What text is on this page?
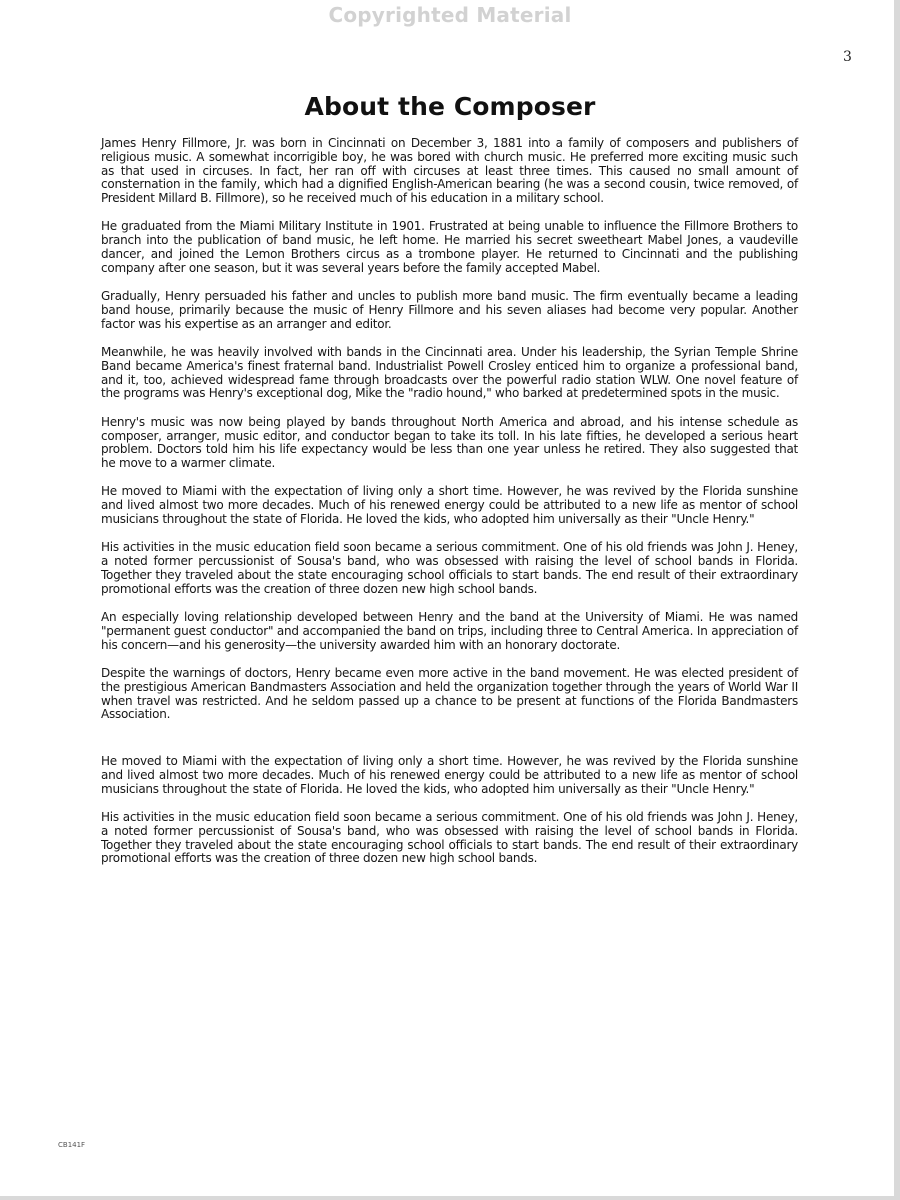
Copyrighted Material
3
About the Composer

James Henry Fillmore, Jr. was born in Cincinnati on December 3, 1881 into a family of composers and publishers of religious music. A somewhat incorrigible boy, he was bored with church music. He preferred more exciting music such as that used in circuses. In fact, her ran off with circuses at least three times. This caused no small amount of consternation in the family, which had a dignified English-American bearing (he was a second cousin, twice removed, of President Millard B. Fillmore), so he received much of his education in a military school.

He graduated from the Miami Military Institute in 1901. Frustrated at being unable to influence the Fillmore Brothers to branch into the publication of band music, he left home. He married his secret sweetheart Mabel Jones, a vaudeville dancer, and joined the Lemon Brothers circus as a trombone player. He returned to Cincinnati and the publishing company after one season, but it was several years before the family accepted Mabel.

Gradually, Henry persuaded his father and uncles to publish more band music. The firm eventually became a leading band house, primarily because the music of Henry Fillmore and his seven aliases had become very popular. Another factor was his expertise as an arranger and editor.

Meanwhile, he was heavily involved with bands in the Cincinnati area. Under his leadership, the Syrian Temple Shrine Band became America's finest fraternal band. Industrialist Powell Crosley enticed him to organize a professional band, and it, too, achieved widespread fame through broadcasts over the powerful radio station WLW. One novel feature of the programs was Henry's exceptional dog, Mike the "radio hound," who barked at predetermined spots in the music.

Henry's music was now being played by bands throughout North America and abroad, and his intense schedule as composer, arranger, music editor, and conductor began to take its toll. In his late fifties, he developed a serious heart problem. Doctors told him his life expectancy would be less than one year unless he retired. They also suggested that he move to a warmer climate.

He moved to Miami with the expectation of living only a short time. However, he was revived by the Florida sunshine and lived almost two more decades. Much of his renewed energy could be attributed to a new life as mentor of school musicians throughout the state of Florida. He loved the kids, who adopted him universally as their "Uncle Henry."

His activities in the music education field soon became a serious commitment. One of his old friends was John J. Heney, a noted former percussionist of Sousa's band, who was obsessed with raising the level of school bands in Florida. Together they traveled about the state encouraging school officials to start bands. The end result of their extraordinary promotional efforts was the creation of three dozen new high school bands.

An especially loving relationship developed between Henry and the band at the University of Miami. He was named "permanent guest conductor" and accompanied the band on trips, including three to Central America. In appreciation of his concern—and his generosity—the university awarded him with an honorary doctorate.

Despite the warnings of doctors, Henry became even more active in the band movement. He was elected president of the prestigious American Bandmasters Association and held the organization together through the years of World War II when travel was restricted. And he seldom passed up a chance to be present at functions of the Florida Bandmasters Association.

He moved to Miami with the expectation of living only a short time. However, he was revived by the Florida sunshine and lived almost two more decades. Much of his renewed energy could be attributed to a new life as mentor of school musicians throughout the state of Florida. He loved the kids, who adopted him universally as their "Uncle Henry."

His activities in the music education field soon became a serious commitment. One of his old friends was John J. Heney, a noted former percussionist of Sousa's band, who was obsessed with raising the level of school bands in Florida. Together they traveled about the state encouraging school officials to start bands. The end result of their extraordinary promotional efforts was the creation of three dozen new high school bands.

CB141F
